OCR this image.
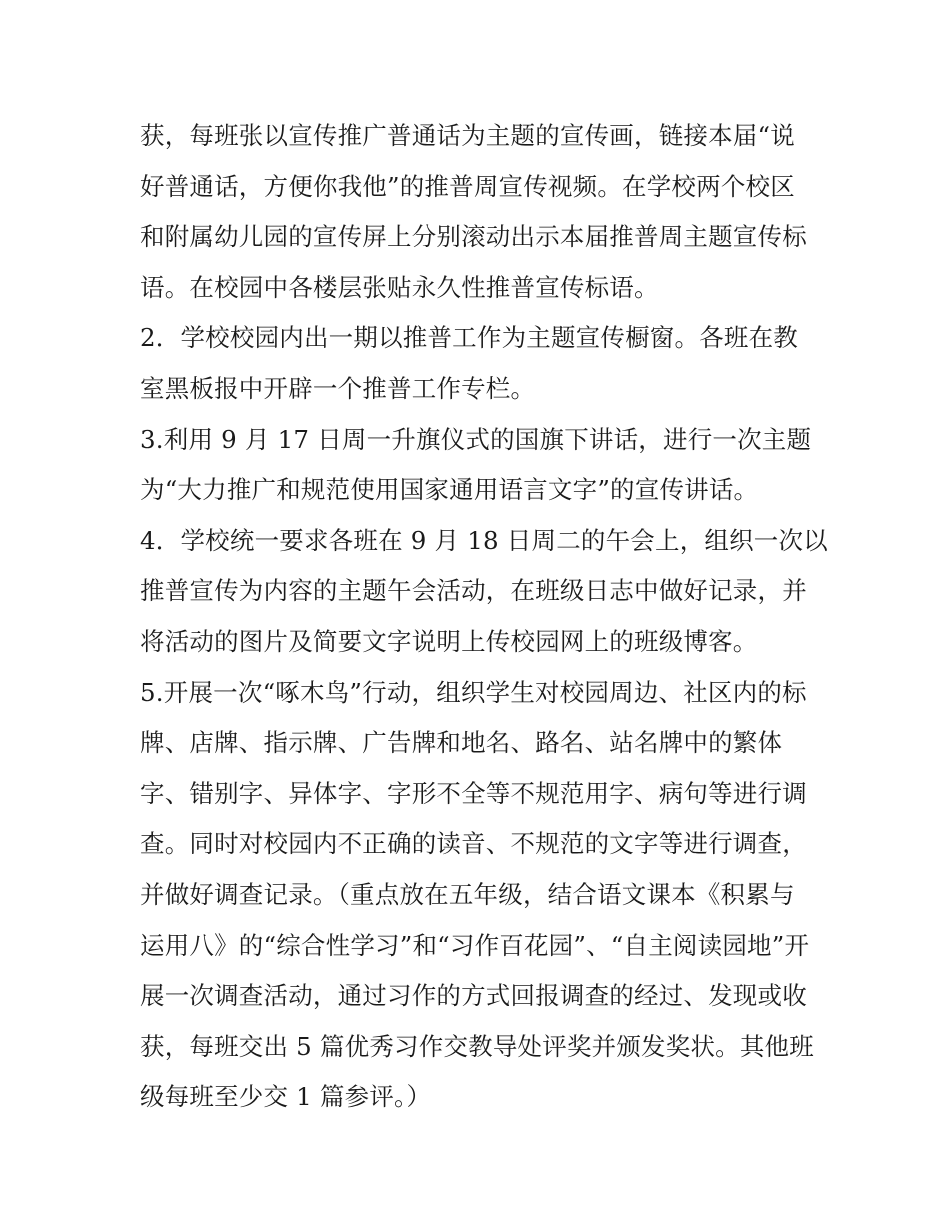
获，每班张以宣传推广普通话为主题的宣传画，链接本届“说
好普通话，方便你我他”的推普周宣传视频。在学校两个校区
和附属幼儿园的宣传屏上分别滚动出示本届推普周主题宣传标
语。在校园中各楼层张贴永久性推普宣传标语。
2．学校校园内出一期以推普工作为主题宣传橱窗。各班在教
室黑板报中开辟一个推普工作专栏。
3.利用 9 月 17 日周一升旗仪式的国旗下讲话，进行一次主题
为“大力推广和规范使用国家通用语言文字”的宣传讲话。
4．学校统一要求各班在 9 月 18 日周二的午会上，组织一次以
推普宣传为内容的主题午会活动，在班级日志中做好记录，并
将活动的图片及简要文字说明上传校园网上的班级博客。
5.开展一次“啄木鸟”行动，组织学生对校园周边、社区内的标
牌、店牌、指示牌、广告牌和地名、路名、站名牌中的繁体
字、错别字、异体字、字形不全等不规范用字、病句等进行调
查。同时对校园内不正确的读音、不规范的文字等进行调查，
并做好调查记录。（重点放在五年级，结合语文课本《积累与
运用八》的“综合性学习”和“习作百花园”、“自主阅读园地”开
展一次调查活动，通过习作的方式回报调查的经过、发现或收
获，每班交出 5 篇优秀习作交教导处评奖并颁发奖状。其他班
级每班至少交 1 篇参评。）
